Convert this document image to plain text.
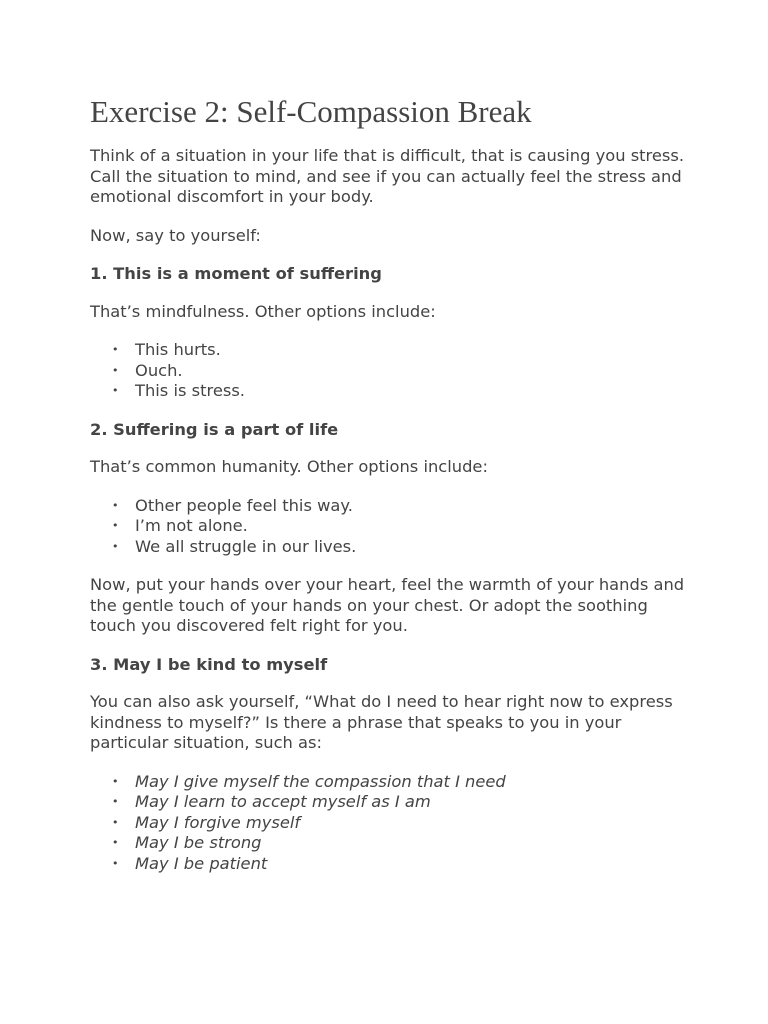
Exercise 2: Self-Compassion Break

Think of a situation in your life that is difficult, that is causing you stress. Call the situation to mind, and see if you can actually feel the stress and emotional discomfort in your body.

Now, say to yourself:

1. This is a moment of suffering

That’s mindfulness. Other options include:

• This hurts.
• Ouch.
• This is stress.

2. Suffering is a part of life

That’s common humanity. Other options include:

• Other people feel this way.
• I’m not alone.
• We all struggle in our lives.

Now, put your hands over your heart, feel the warmth of your hands and the gentle touch of your hands on your chest. Or adopt the soothing touch you discovered felt right for you.

3. May I be kind to myself

You can also ask yourself, “What do I need to hear right now to express kindness to myself?” Is there a phrase that speaks to you in your particular situation, such as:

• May I give myself the compassion that I need
• May I learn to accept myself as I am
• May I forgive myself
• May I be strong
• May I be patient
